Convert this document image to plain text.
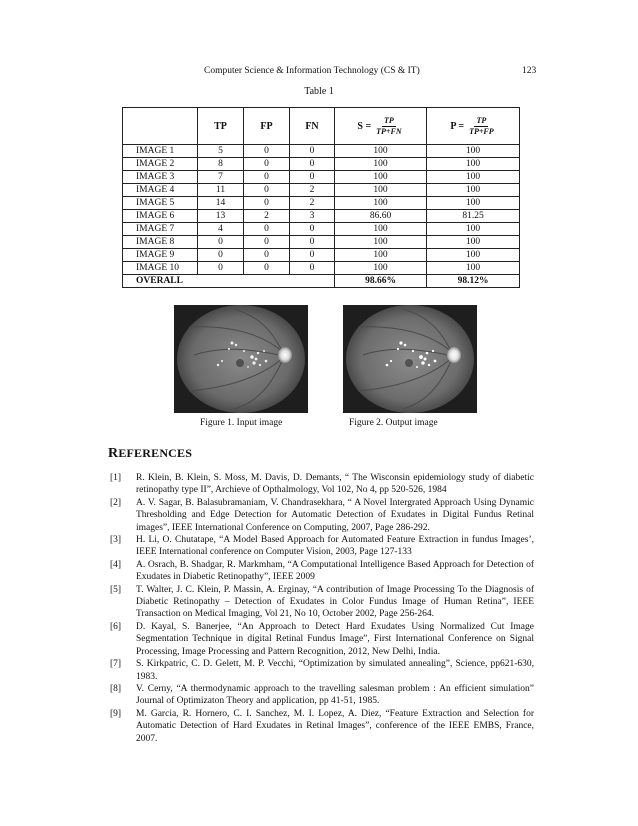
Computer Science & Information Technology (CS & IT)	123
Table 1
	TP	FP	FN	$S = \frac{TP}{TP+FN}$	$P = \frac{TP}{TP+FP}$

IMAGE 1	5	0	0	100	100
IMAGE 2	8	0	0	100	100
IMAGE 3	7	0	0	100	100
IMAGE 4	11	0	2	100	100
IMAGE 5	14	0	2	100	100
IMAGE 6	13	2	3	86.60	81.25
IMAGE 7	4	0	0	100	100
IMAGE 8	0	0	0	100	100
IMAGE 9	0	0	0	100	100
IMAGE 10	0	0	0	100	100
OVERALL				98.66%	98.12%
Figure 1. Input image	Figure 2. Output image
REFERENCES
[1]	R. Klein, B. Klein, S. Moss, M. Davis, D. Demants, “ The Wisconsin epidemiology study of diabetic retinopathy type II”, Archieve of Opthalmology, Vol 102, No 4, pp 520-526, 1984
[2]	A. V. Sagar, B. Balasubramaniam, V. Chandrasekhara, “ A Novel Intergrated Approach Using Dynamic Thresholding and Edge Detection for Automatic Detection of Exudates in Digital Fundus Retinal images”, IEEE International Conference on Computing, 2007, Page 286-292.
[3]	H. Li, O. Chutatape, “A Model Based Approach for Automated Feature Extraction in fundus Images’, IEEE International conference on Computer Vision, 2003, Page 127-133
[4]	A. Osrach, B. Shadgar, R. Markmham, “A Computational Intelligence Based Approach for Detection of Exudates in Diabetic Retinopathy”, IEEE 2009
[5]	T. Walter, J. C. Klein, P. Massin, A. Erginay, “A contribution of Image Processing To the Diagnosis of Diabetic Retinopathy – Detection of Exudates in Color Fundus Image of Human Retina”, IEEE Transaction on Medical Imaging, Vol 21, No 10, October 2002, Page 256-264.
[6]	D. Kayal, S. Banerjee, “An Approach to Detect Hard Exudates Using Normalized Cut Image Segmentation Technique in digital Retinal Fundus Image”, First International Conference on Signal Processing, Image Processing and Pattern Recognition, 2012, New Delhi, India.
[7]	S. Kirkpatric, C. D. Gelett, M. P. Vecchi, “Optimization by simulated annealing”, Science, pp621-630, 1983.
[8]	V. Cerny, “A thermodynamic approach to the travelling salesman problem : An efficient simulation” Journal of Optimizaton Theory and application, pp 41-51, 1985.
[9]	M. Garcia, R. Hornero, C. I. Sanchez, M. I. Lopez, A. Diez, “Feature Extraction and Selection for Automatic Detection of Hard Exudates in Retinal Images”, conference of the IEEE EMBS, France, 2007.
